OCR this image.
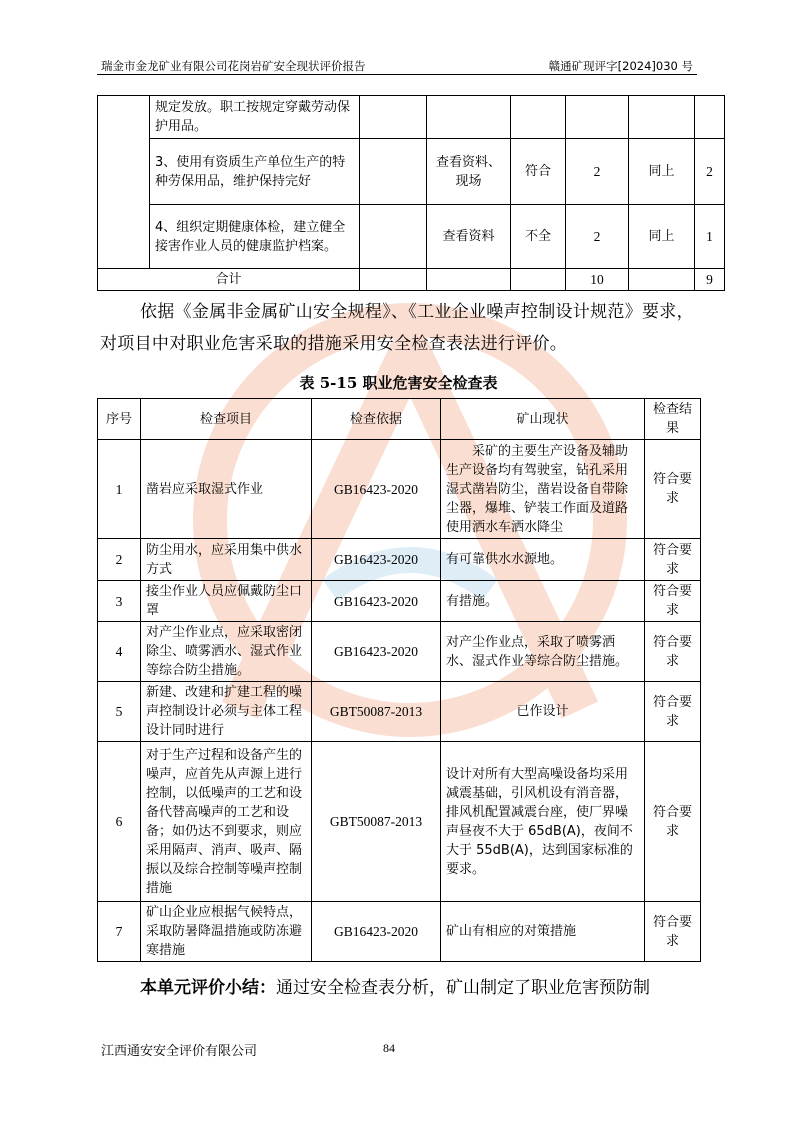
瑞金市金龙矿业有限公司花岗岩矿安全现状评价报告	赣通矿现评字[2024]030 号
	规定发放。职工按规定穿戴劳动保护用品。						
	3、使用有资质生产单位生产的特种劳保用品，维护保持完好		查看资料、现场	符合	2	同上	2
	4、组织定期健康体检，建立健全接害作业人员的健康监护档案。		查看资料	不全	2	同上	1
合计					10		9
依据《金属非金属矿山安全规程》、《工业企业噪声控制设计规范》要求，对项目中对职业危害采取的措施采用安全检查表法进行评价。
表 5-15 职业危害安全检查表
序号	检查项目	检查依据	矿山现状	检查结果
1	凿岩应采取湿式作业	GB16423-2020	采矿的主要生产设备及辅助生产设备均有驾驶室，钻孔采用湿式凿岩防尘，凿岩设备自带除尘器，爆堆、铲装工作面及道路使用洒水车洒水降尘	符合要求
2	防尘用水，应采用集中供水方式	GB16423-2020	有可靠供水水源地。	符合要求
3	接尘作业人员应佩戴防尘口罩	GB16423-2020	有措施。	符合要求
4	对产尘作业点，应采取密闭除尘、喷雾洒水、湿式作业等综合防尘措施。	GB16423-2020	对产尘作业点，采取了喷雾洒水、湿式作业等综合防尘措施。	符合要求
5	新建、改建和扩建工程的噪声控制设计必须与主体工程设计同时进行	GBT50087-2013	已作设计	符合要求
6	对于生产过程和设备产生的噪声，应首先从声源上进行控制，以低噪声的工艺和设备代替高噪声的工艺和设备；如仍达不到要求，则应采用隔声、消声、吸声、隔振以及综合控制等噪声控制措施	GBT50087-2013	设计对所有大型高噪设备均采用减震基础，引风机设有消音器，排风机配置减震台座，使厂界噪声昼夜不大于 65dB(A)，夜间不大于 55dB(A)，达到国家标准的要求。	符合要求
7	矿山企业应根据气候特点，采取防暑降温措施或防冻避寒措施	GB16423-2020	矿山有相应的对策措施	符合要求
本单元评价小结：通过安全检查表分析，矿山制定了职业危害预防制
江西通安安全评价有限公司	84
